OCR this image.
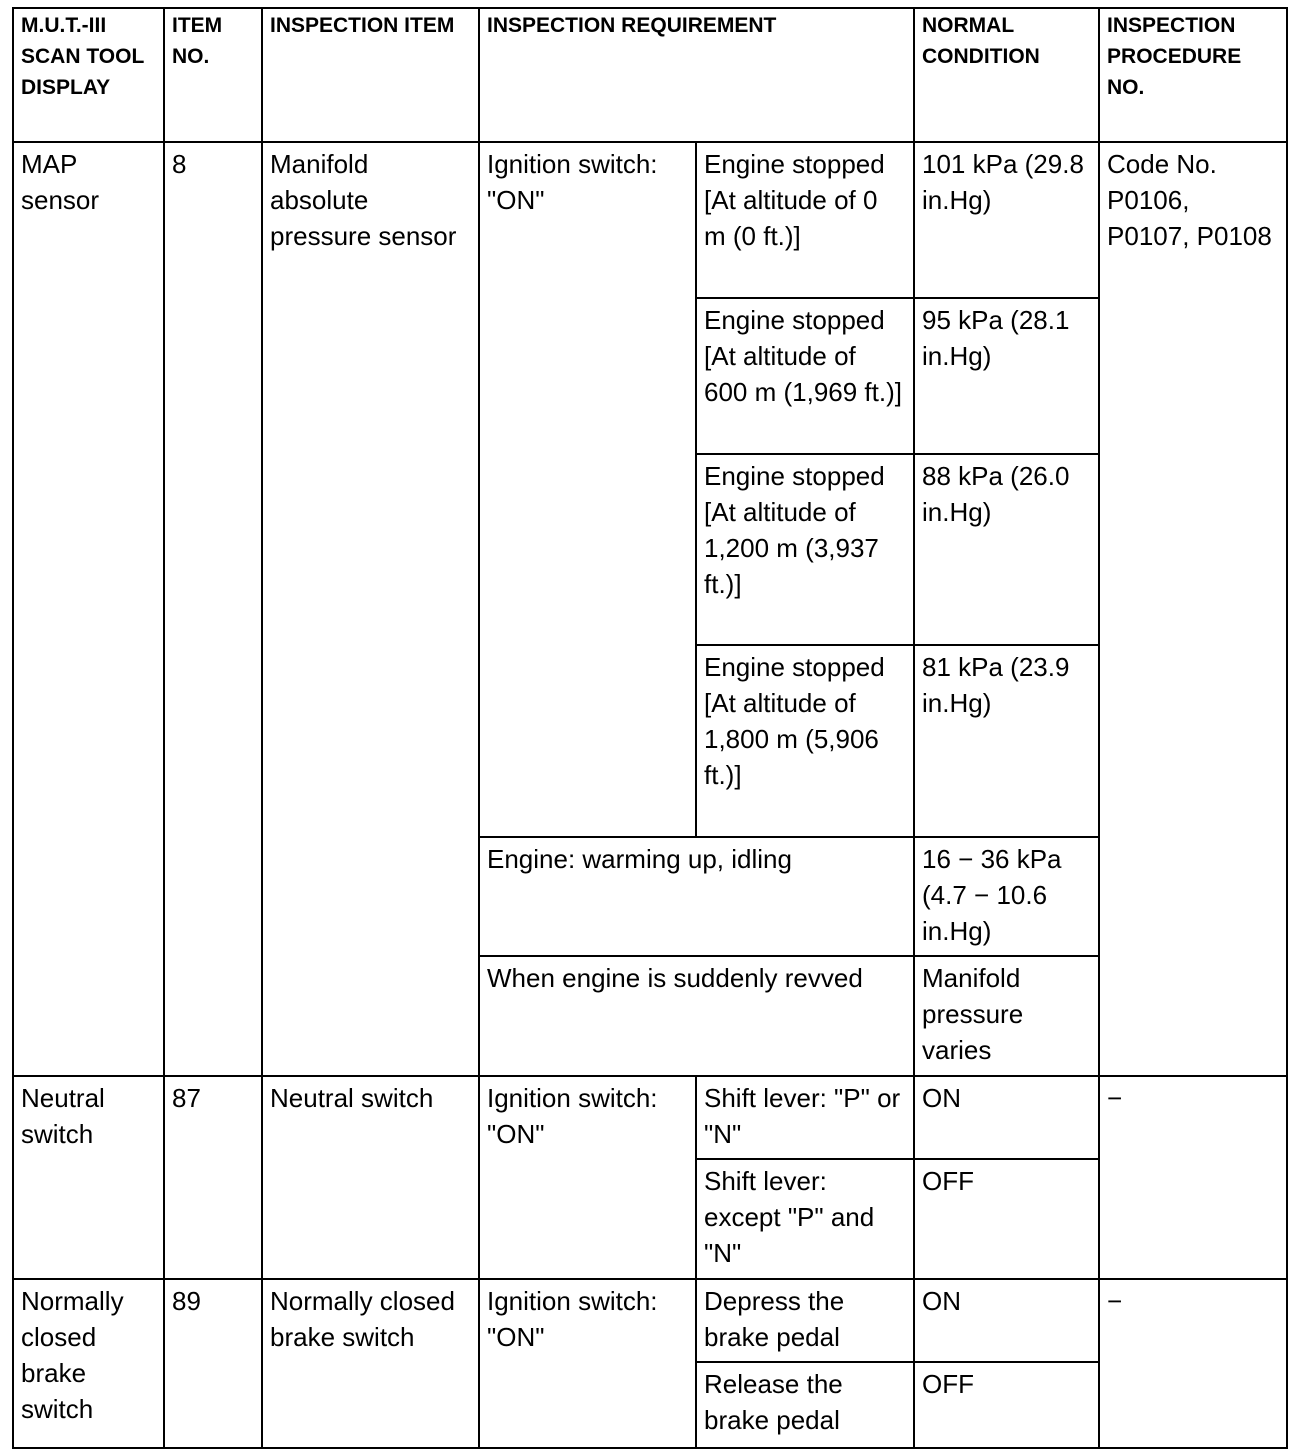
M.U.T.-III SCAN TOOL DISPLAY	ITEM NO.	INSPECTION ITEM	INSPECTION REQUIREMENT		NORMAL CONDITION	INSPECTION PROCEDURE NO.
MAP sensor	8	Manifold absolute pressure sensor	Ignition switch: "ON"	Engine stopped [At altitude of 0 m (0 ft.)]	101 kPa (29.8 in.Hg)	Code No. P0106, P0107, P0108
				Engine stopped [At altitude of 600 m (1,969 ft.)]	95 kPa (28.1 in.Hg)	
				Engine stopped [At altitude of 1,200 m (3,937 ft.)]	88 kPa (26.0 in.Hg)	
				Engine stopped [At altitude of 1,800 m (5,906 ft.)]	81 kPa (23.9 in.Hg)	
			Engine: warming up, idling		16 − 36 kPa (4.7 − 10.6 in.Hg)	
			When engine is suddenly revved		Manifold pressure varies	
Neutral switch	87	Neutral switch	Ignition switch: "ON"	Shift lever: "P" or "N"	ON	−
				Shift lever: except "P" and "N"	OFF	
Normally closed brake switch	89	Normally closed brake switch	Ignition switch: "ON"	Depress the brake pedal	ON	−
				Release the brake pedal	OFF	
